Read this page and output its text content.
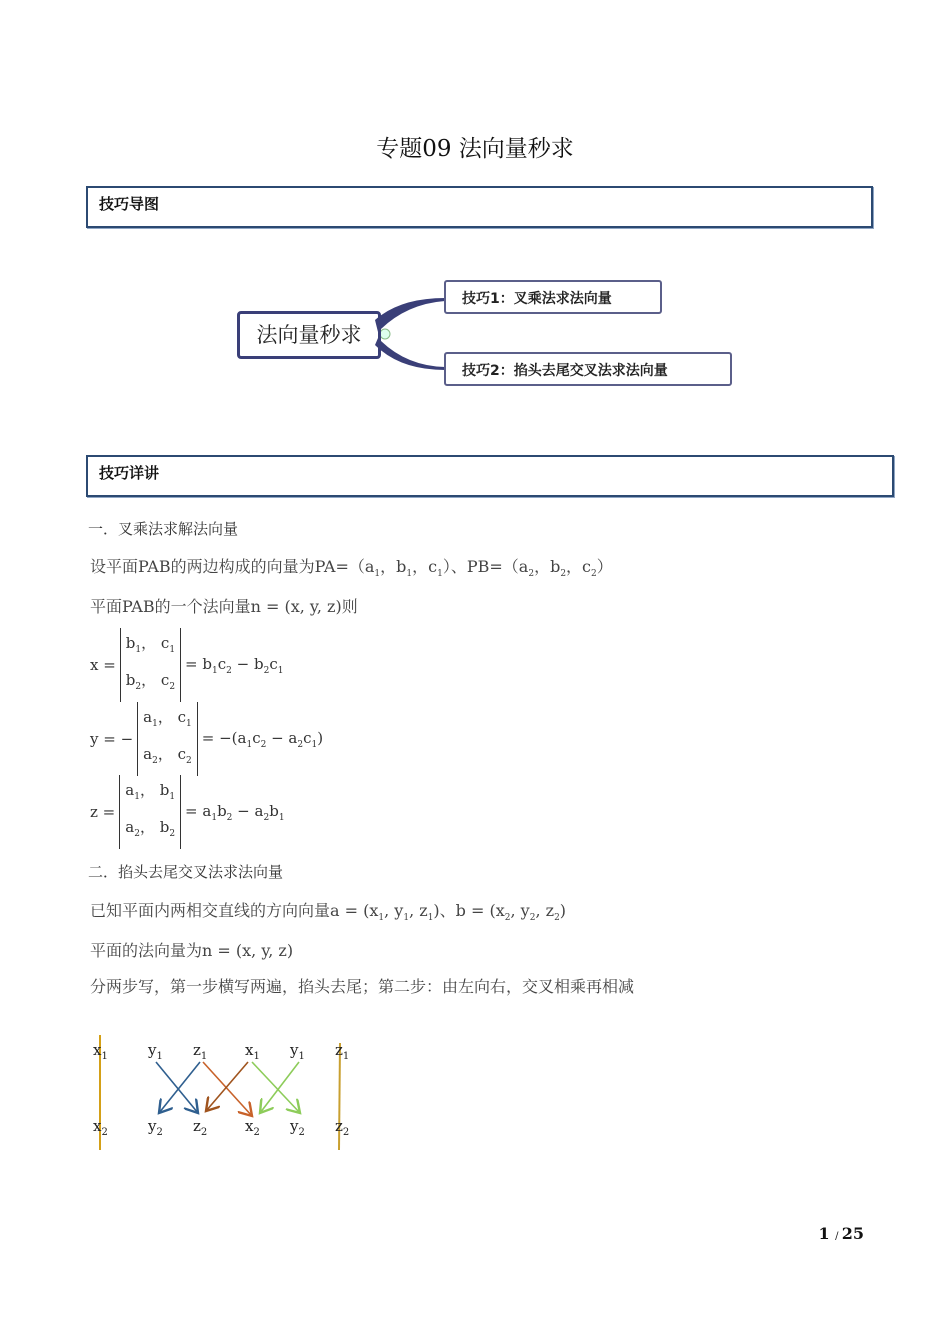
专题09 法向量秒求
技巧导图
法向量秒求
技巧1：叉乘法求法向量
技巧2：掐头去尾交叉法求法向量
技巧详讲
一．叉乘法求解法向量
设平面PAB的两边构成的向量为$PA=(a_1$，$b_1$，$c_1$）、$PB=(a_2$，$b_2$，$c_2$）
平面PAB的一个法向量n = (x, y, z)则
x =
$b_1$， $c_1$
$b_2$， $c_2$
= $b_1c_2 - b_2c_1$
y = −
$a_1$， $c_1$
$a_2$， $c_2$
= $-(a_1c_2 - a_2c_1)$
z =
$a_1$， $b_1$
$a_2$， $b_2$
= $a_1b_2 - a_2b_1$
二．掐头去尾交叉法求法向量
已知平面内两相交直线的方向向量$a = (x_1$, $y_1$, $z_1$)、$b = (x_2$, $y_2$, $z_2$)
平面的法向量为n = (x, y, z)
分两步写，第一步横写两遍，掐头去尾；第二步：由左向右，交叉相乘再相减
$x_1$	$y_1$ $z_1$	$x_1$ $y_1$ $z_1$
$x_2$	$y_2$ $z_2$	$x_2$ $y_2$ $z_2$
1 / 25
